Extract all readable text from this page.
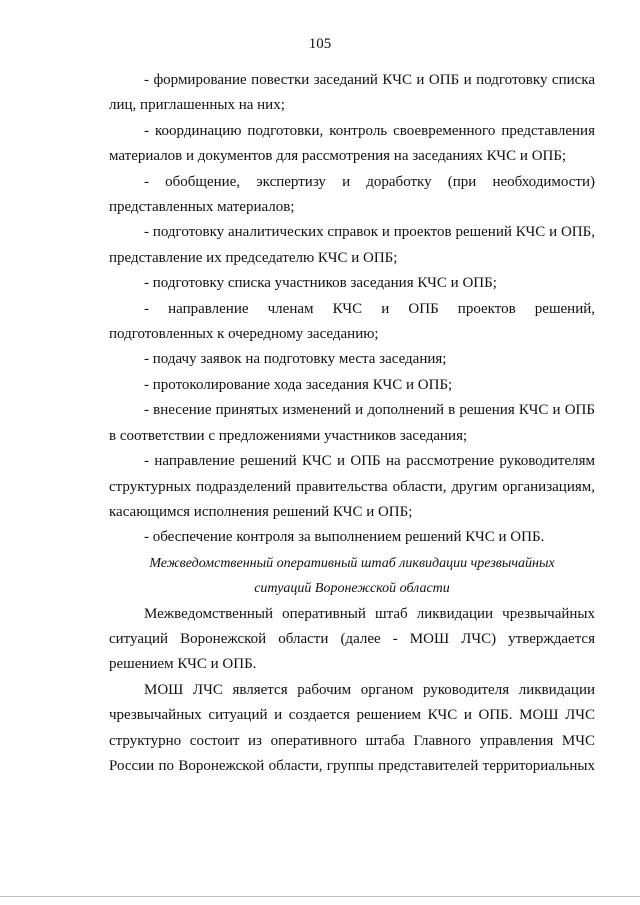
105

- формирование повестки заседаний КЧС и ОПБ и подготовку списка лиц, приглашенных на них;

- координацию подготовки, контроль своевременного представления материалов и документов для рассмотрения на заседаниях КЧС и ОПБ;

- обобщение, экспертизу и доработку (при необходимости) представленных материалов;

- подготовку аналитических справок и проектов решений КЧС и ОПБ, представление их председателю КЧС и ОПБ;

- подготовку списка участников заседания КЧС и ОПБ;

- направление членам КЧС и ОПБ проектов решений, подготовленных к очередному заседанию;

- подачу заявок на подготовку места заседания;

- протоколирование хода заседания КЧС и ОПБ;

- внесение принятых изменений и дополнений в решения КЧС и ОПБ в соответствии с предложениями участников заседания;

- направление решений КЧС и ОПБ на рассмотрение руководителям структурных подразделений правительства области, другим организациям, касающимся исполнения решений КЧС и ОПБ;

- обеспечение контроля за выполнением решений КЧС и ОПБ.

Межведомственный оперативный штаб ликвидации чрезвычайных ситуаций Воронежской области

Межведомственный оперативный штаб ликвидации чрезвычайных ситуаций Воронежской области (далее - МОШ ЛЧС) утверждается решением КЧС и ОПБ.

МОШ ЛЧС является рабочим органом руководителя ликвидации чрезвычайных ситуаций и создается решением КЧС и ОПБ. МОШ ЛЧС структурно состоит из оперативного штаба Главного управления МЧС России по Воронежской области, группы представителей территориальных
